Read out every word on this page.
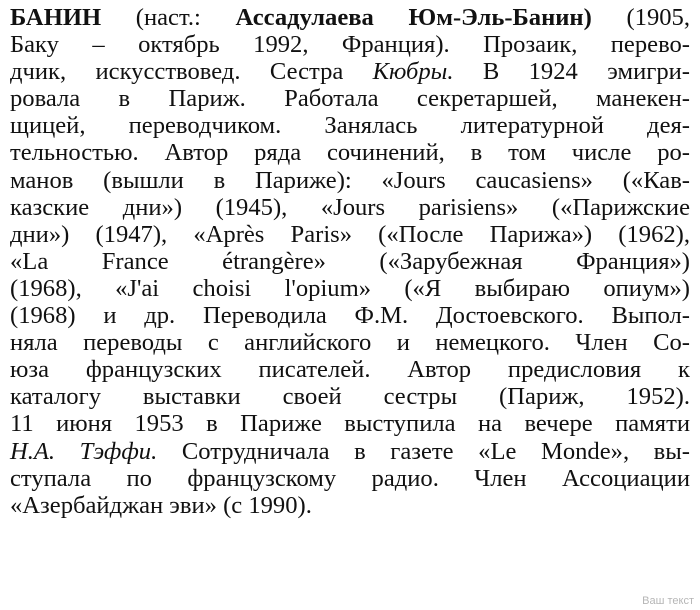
БАНИН (наст.: Ассадулаева Юм-Эль-Банин) (1905,
Баку – октябрь 1992, Франция). Прозаик, перево-
дчик, искусствовед. Сестра Кюбры. В 1924 эмигри-
ровала в Париж. Работала секретаршей, манекен-
щицей, переводчиком. Занялась литературной дея-
тельностью. Автор ряда сочинений, в том числе ро-
манов (вышли в Париже): «Jours caucasiens» («Кав-
казские дни») (1945), «Jours parisiens» («Парижские
дни») (1947), «Après Paris» («После Парижа») (1962),
«La France étrangère» («Зарубежная Франция»)
(1968), «J'ai choisi l'opium» («Я выбираю опиум»)
(1968) и др. Переводила Ф.М. Достоевского. Выпол-
няла переводы с английского и немецкого. Член Со-
юза французских писателей. Автор предисловия к
каталогу выставки своей сестры (Париж, 1952).
11 июня 1953 в Париже выступила на вечере памяти
Н.А. Тэффи. Сотрудничала в газете «Le Monde», вы-
ступала по французскому радио. Член Ассоциации
«Азербайджан эви» (с 1990).
Ваш текст
